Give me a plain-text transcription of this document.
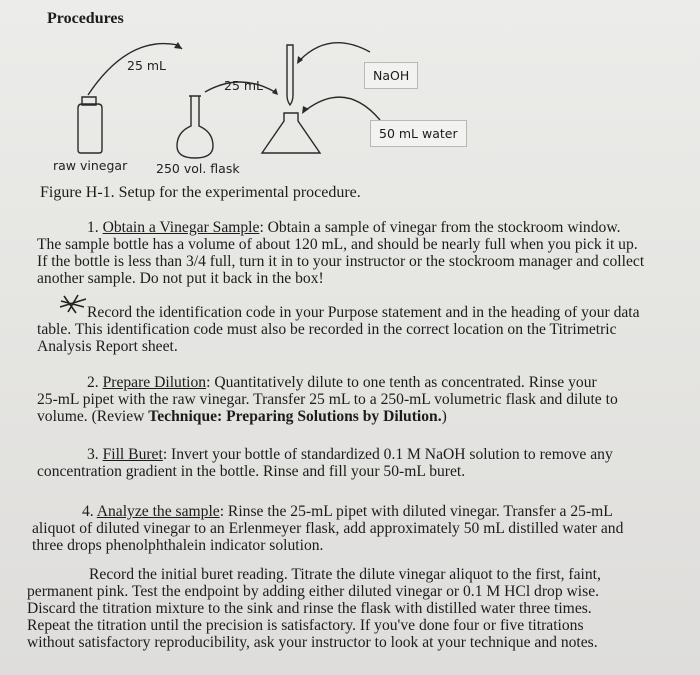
Procedures
25 mL
25 mL
NaOH
50 mL water
raw vinegar 250 vol. flask
Figure H-1. Setup for the experimental procedure.

1. Obtain a Vinegar Sample: Obtain a sample of vinegar from the stockroom window.

The sample bottle has a volume of about 120 mL, and should be nearly full when you pick it up.

If the bottle is less than 3/4 full, turn it in to your instructor or the stockroom manager and collect

another sample. Do not put it back in the box!

Record the identification code in your Purpose statement and in the heading of your data

table. This identification code must also be recorded in the correct location on the Titrimetric

Analysis Report sheet.

2. Prepare Dilution: Quantitatively dilute to one tenth as concentrated. Rinse your

25-mL pipet with the raw vinegar. Transfer 25 mL to a 250-mL volumetric flask and dilute to

volume. (Review Technique: Preparing Solutions by Dilution.)

3. Fill Buret: Invert your bottle of standardized 0.1 M NaOH solution to remove any

concentration gradient in the bottle. Rinse and fill your 50-mL buret.

4. Analyze the sample: Rinse the 25-mL pipet with diluted vinegar. Transfer a 25-mL

aliquot of diluted vinegar to an Erlenmeyer flask, add approximately 50 mL distilled water and

three drops phenolphthalein indicator solution.

Record the initial buret reading. Titrate the dilute vinegar aliquot to the first, faint,

permanent pink. Test the endpoint by adding either diluted vinegar or 0.1 M HCl drop wise.

Discard the titration mixture to the sink and rinse the flask with distilled water three times.

Repeat the titration until the precision is satisfactory. If you've done four or five titrations

without satisfactory reproducibility, ask your instructor to look at your technique and notes.
